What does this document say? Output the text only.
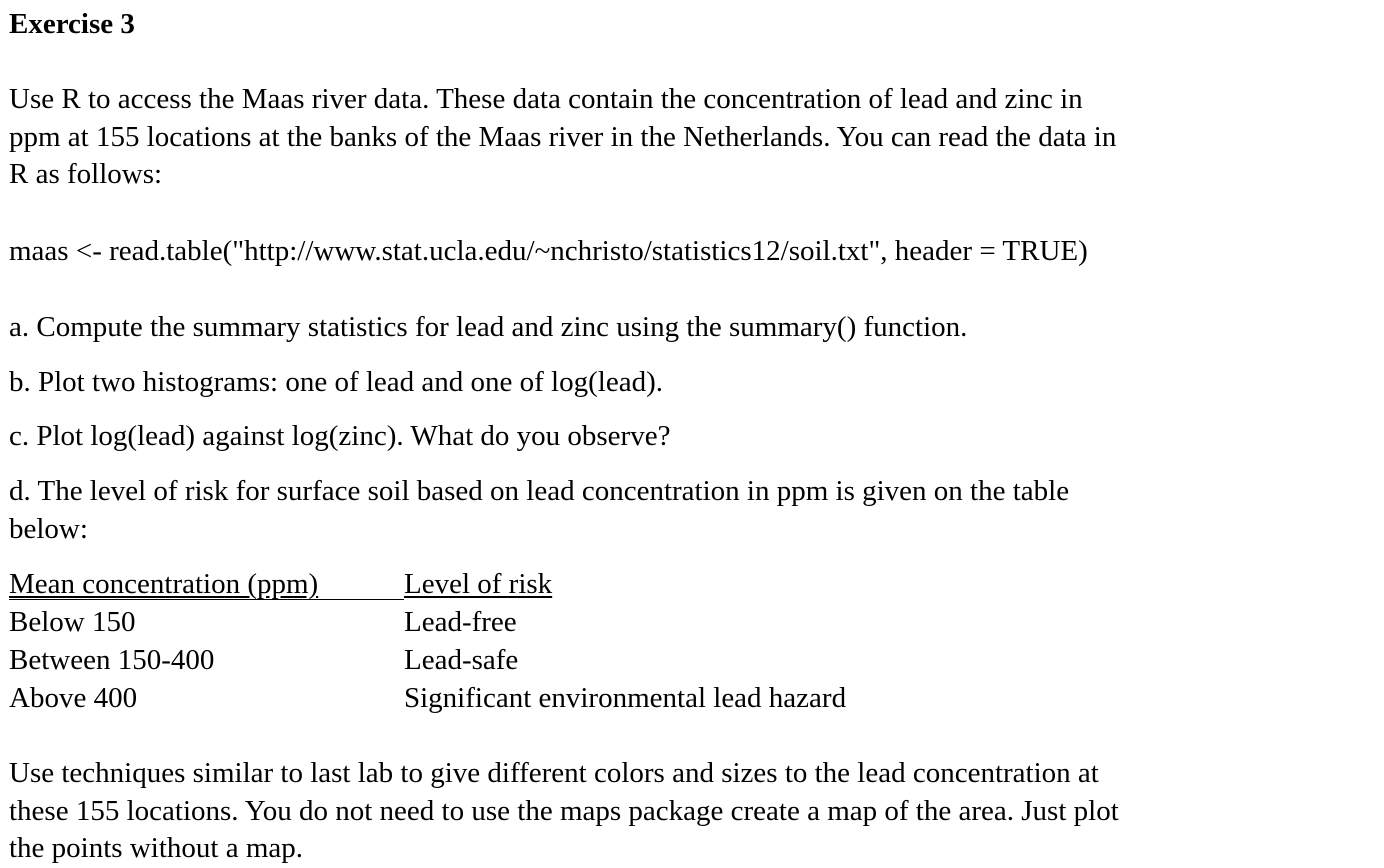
Exercise 3

Use R to access the Maas river data. These data contain the concentration of lead and zinc in
ppm at 155 locations at the banks of the Maas river in the Netherlands. You can read the data in
R as follows:

maas <- read.table("http://www.stat.ucla.edu/~nchristo/statistics12/soil.txt", header = TRUE)

a. Compute the summary statistics for lead and zinc using the summary() function.

b. Plot two histograms: one of lead and one of log(lead).

c. Plot log(lead) against log(zinc). What do you observe?

d. The level of risk for surface soil based on lead concentration in ppm is given on the table
below:

Mean concentration (ppm)	Level of risk
Below 150	Lead-free
Between 150-400	Lead-safe
Above 400	Significant environmental lead hazard

Use techniques similar to last lab to give different colors and sizes to the lead concentration at
these 155 locations. You do not need to use the maps package create a map of the area. Just plot
the points without a map.
